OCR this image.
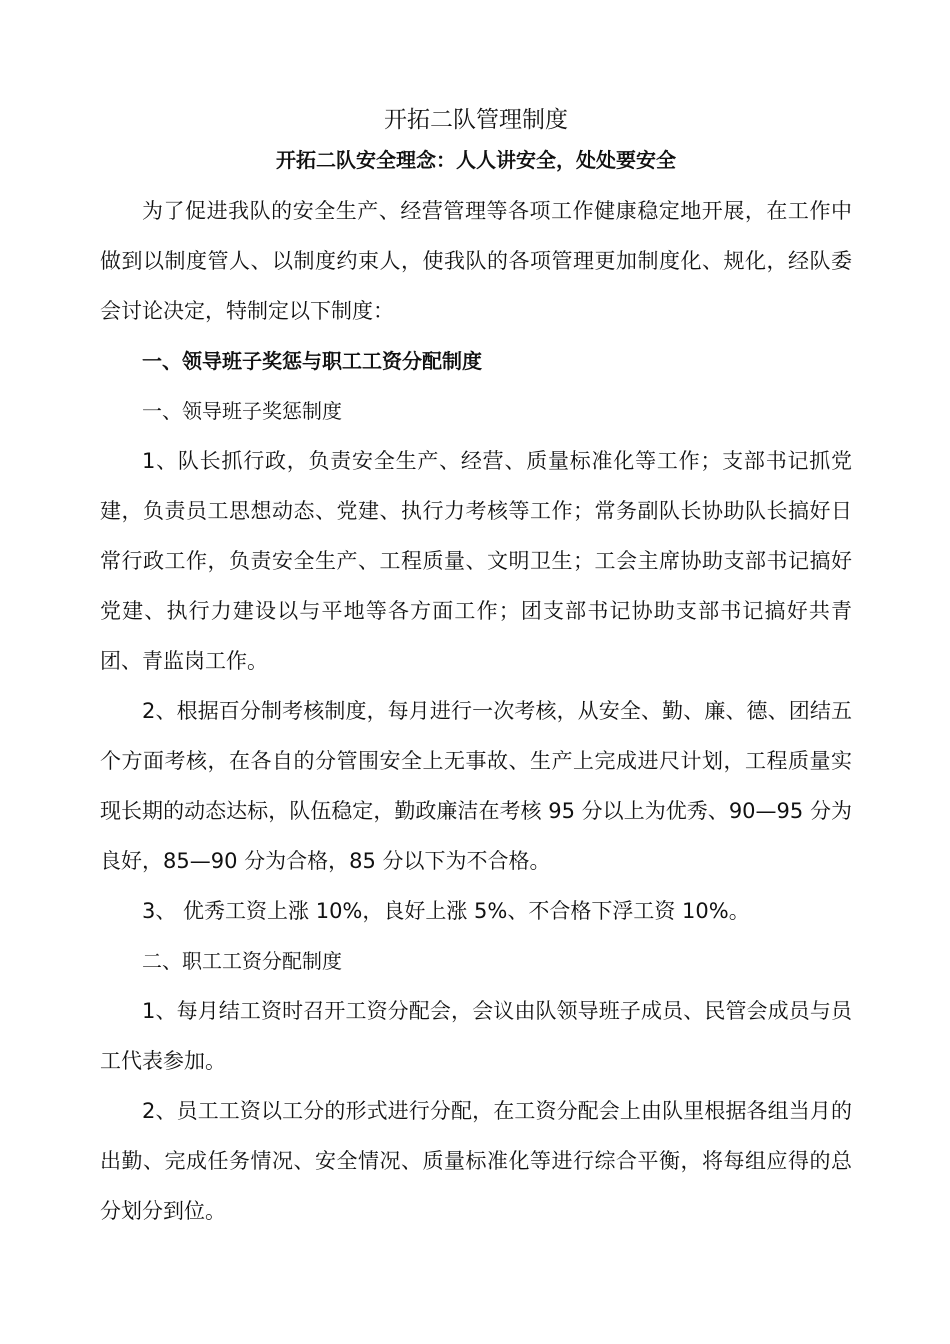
开拓二队管理制度
开拓二队安全理念：人人讲安全，处处要安全

为了促进我队的安全生产、经营管理等各项工作健康稳定地开展，在工作中做到以制度管人、以制度约束人，使我队的各项管理更加制度化、规化，经队委会讨论决定，特制定以下制度：

一、领导班子奖惩与职工工资分配制度

一、领导班子奖惩制度

1、队长抓行政，负责安全生产、经营、质量标准化等工作；支部书记抓党建，负责员工思想动态、党建、执行力考核等工作；常务副队长协助队长搞好日常行政工作，负责安全生产、工程质量、文明卫生；工会主席协助支部书记搞好党建、执行力建设以与平地等各方面工作；团支部书记协助支部书记搞好共青团、青监岗工作。

2、根据百分制考核制度，每月进行一次考核，从安全、勤、廉、德、团结五个方面考核，在各自的分管围安全上无事故、生产上完成进尺计划，工程质量实现长期的动态达标，队伍稳定，勤政廉洁在考核 95 分以上为优秀、90—95 分为良好，85—90 分为合格，85 分以下为不合格。

3、 优秀工资上涨 10%，良好上涨 5%、不合格下浮工资 10%。

二、职工工资分配制度

1、每月结工资时召开工资分配会，会议由队领导班子成员、民管会成员与员工代表参加。

2、员工工资以工分的形式进行分配，在工资分配会上由队里根据各组当月的出勤、完成任务情况、安全情况、质量标准化等进行综合平衡，将每组应得的总分划分到位。
